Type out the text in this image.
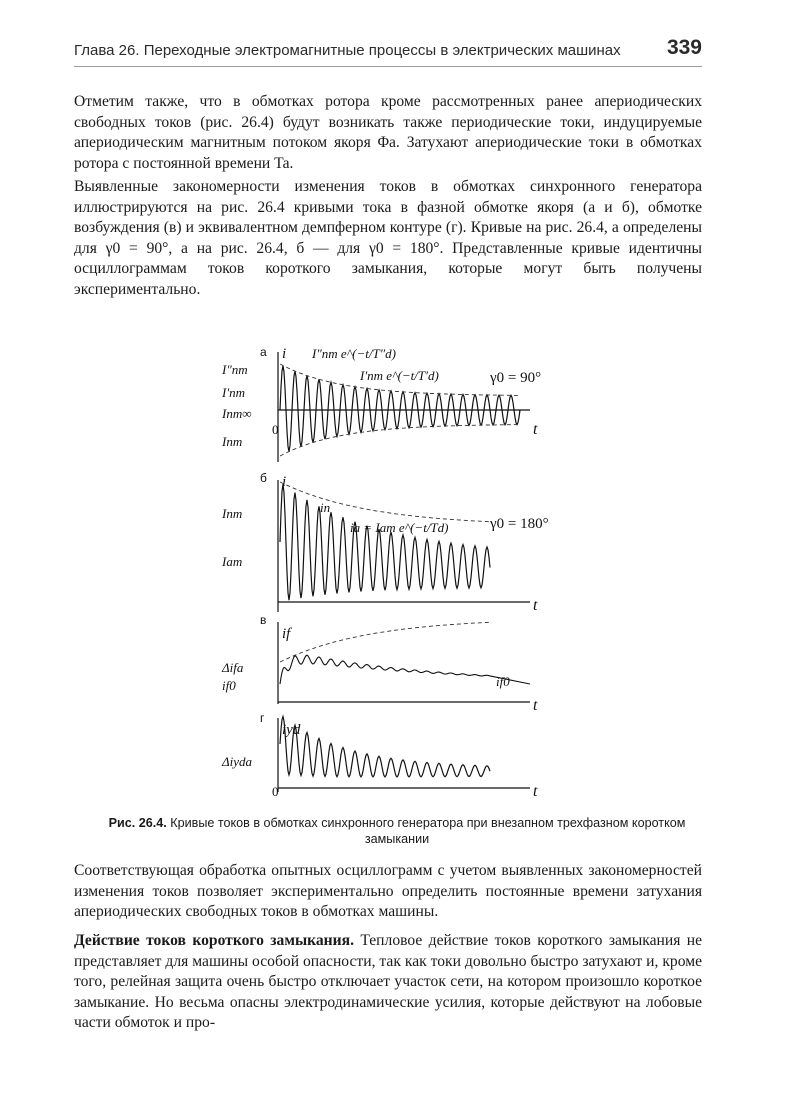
Глава 26. Переходные электромагнитные процессы в электрических машинах 339
Отметим также, что в обмотках ротора кроме рассмотренных ранее апериодических свободных токов (рис. 26.4) будут возникать также периодические токи, индуцируемые апериодическим магнитным потоком якоря Φa. Затухают апериодические токи в обмотках ротора с постоянной времени Ta.
Выявленные закономерности изменения токов в обмотках синхронного генератора иллюстрируются на рис. 26.4 кривыми тока в фазной обмотке якоря (a и б), обмотке возбуждения (в) и эквивалентном демпферном контуре (г). Кривые на рис. 26.4, a определены для γ0 = 90°, а на рис. 26.4, б — для γ0 = 180°. Представленные кривые идентичны осциллограммам токов короткого замыкания, которые могут быть получены экспериментально.
а i
t
0
I″nm
I′nm
Inm∞
Inm
I″nm e^(−t/T″d)
I′nm e^(−t/T′d)	γ0 = 90°
б i
t
Inm
Iam
in
ia = Iam e^(−t/Td)	γ0 = 180°
в
if
t
Δifa
if0	if0
г
iyd
t
0
Δiyda
Рис. 26.4. Кривые токов в обмотках синхронного генератора при внезапном трехфазном коротком замыкании
Соответствующая обработка опытных осциллограмм с учетом выявленных закономерностей изменения токов позволяет экспериментально определить постоянные времени затухания апериодических свободных токов в обмотках машины.
Действие токов короткого замыкания. Тепловое действие токов короткого замыкания не представляет для машины особой опасности, так как токи довольно быстро затухают и, кроме того, релейная защита очень быстро отключает участок сети, на котором произошло короткое замыкание. Но весьма опасны электродинамические усилия, которые действуют на лобовые части обмоток и про-
